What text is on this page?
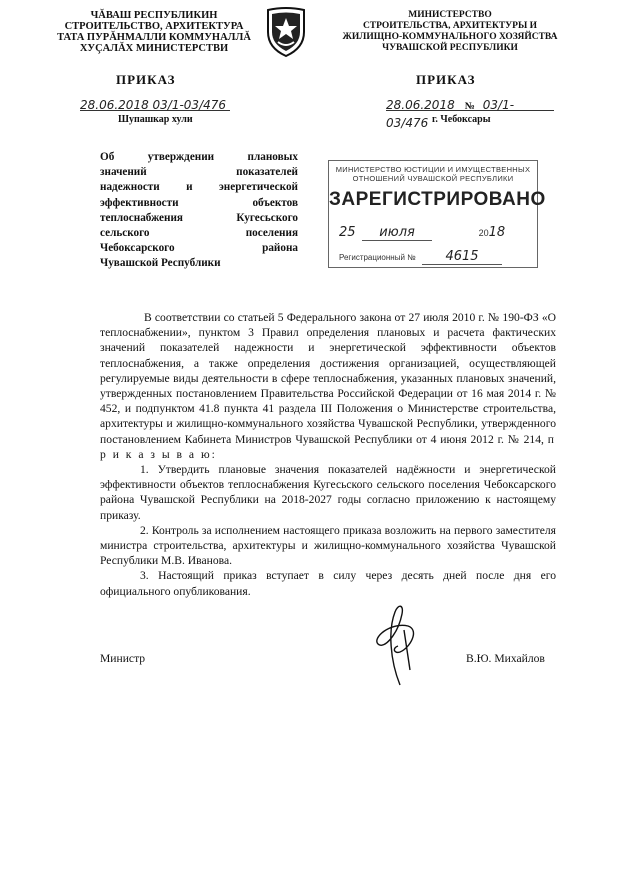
ЧĂВАШ РЕСПУБЛИКИН
СТРОИТЕЛЬСТВО, АРХИТЕКТУРА
ТАТА ПУРĂНМАЛЛИ КОММУНАЛЛĂ
ХУÇАЛĂХ МИНИСТЕРСТВИ
МИНИСТЕРСТВО
СТРОИТЕЛЬСТВА, АРХИТЕКТУРЫ И
ЖИЛИЩНО-КОММУНАЛЬНОГО ХОЗЯЙСТВА
ЧУВАШСКОЙ РЕСПУБЛИКИ
ПРИКАЗ	ПРИКАЗ
28.06.2018 03/1-03/476
Шупашкар хули
28.06.2018 № 03/1-03/476 г. Чебоксары
Об утверждении плановых
значений показателей
надежности и энергетической
эффективности объектов
теплоснабжения Кугесьского
сельского поселения
Чебоксарского района
Чувашской Республики
МИНИСТЕРСТВО ЮСТИЦИИ И ИМУЩЕСТВЕННЫХ
ОТНОШЕНИЙ ЧУВАШСКОЙ РЕСПУБЛИКИ
ЗАРЕГИСТРИРОВАНО
25 июля	2018
Регистрационный № 4615

В соответствии со статьей 5 Федерального закона от 27 июля 2010 г. № 190-ФЗ «О теплоснабжении», пунктом 3 Правил определения плановых и расчета фактических значений показателей надежности и энергетической эффективности объектов теплоснабжения, а также определения достижения организацией, осуществляющей регулируемые виды деятельности в сфере теплоснабжения, указанных плановых значений, утвержденных постановлением Правительства Российской Федерации от 16 мая 2014 г. № 452, и подпунктом 41.8 пункта 41 раздела III Положения о Министерстве строительства, архитектуры и жилищно-коммунального хозяйства Чувашской Республики, утвержденного постановлением Кабинета Министров Чувашской Республики от 4 июня 2012 г. № 214, п р и к а з ы в а ю:

1. Утвердить плановые значения показателей надёжности и энергетической эффективности объектов теплоснабжения Кугесьского сельского поселения Чебоксарского района Чувашской Республики на 2018-2027 годы согласно приложению к настоящему приказу.

2. Контроль за исполнением настоящего приказа возложить на первого заместителя министра строительства, архитектуры и жилищно-коммунального хозяйства Чувашской Республики М.В. Иванова.

3. Настоящий приказ вступает в силу через десять дней после дня его официального опубликования.

Министр	В.Ю. Михайлов
